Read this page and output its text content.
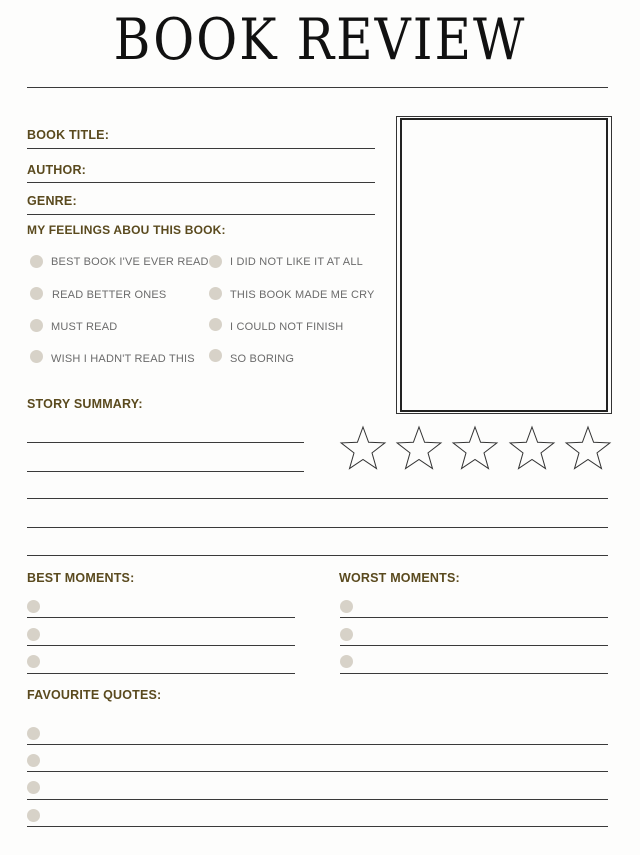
BOOK REVIEW
BOOK TITLE:
AUTHOR:
GENRE:
MY FEELINGS ABOU THIS BOOK:
BEST BOOK I'VE EVER READ
READ BETTER ONES
MUST READ
WISH I HADN'T READ THIS
I DID NOT LIKE IT AT ALL
THIS BOOK MADE ME CRY
I COULD NOT FINISH
SO BORING
STORY SUMMARY:
BEST MOMENTS:	WORST MOMENTS:
FAVOURITE QUOTES:
